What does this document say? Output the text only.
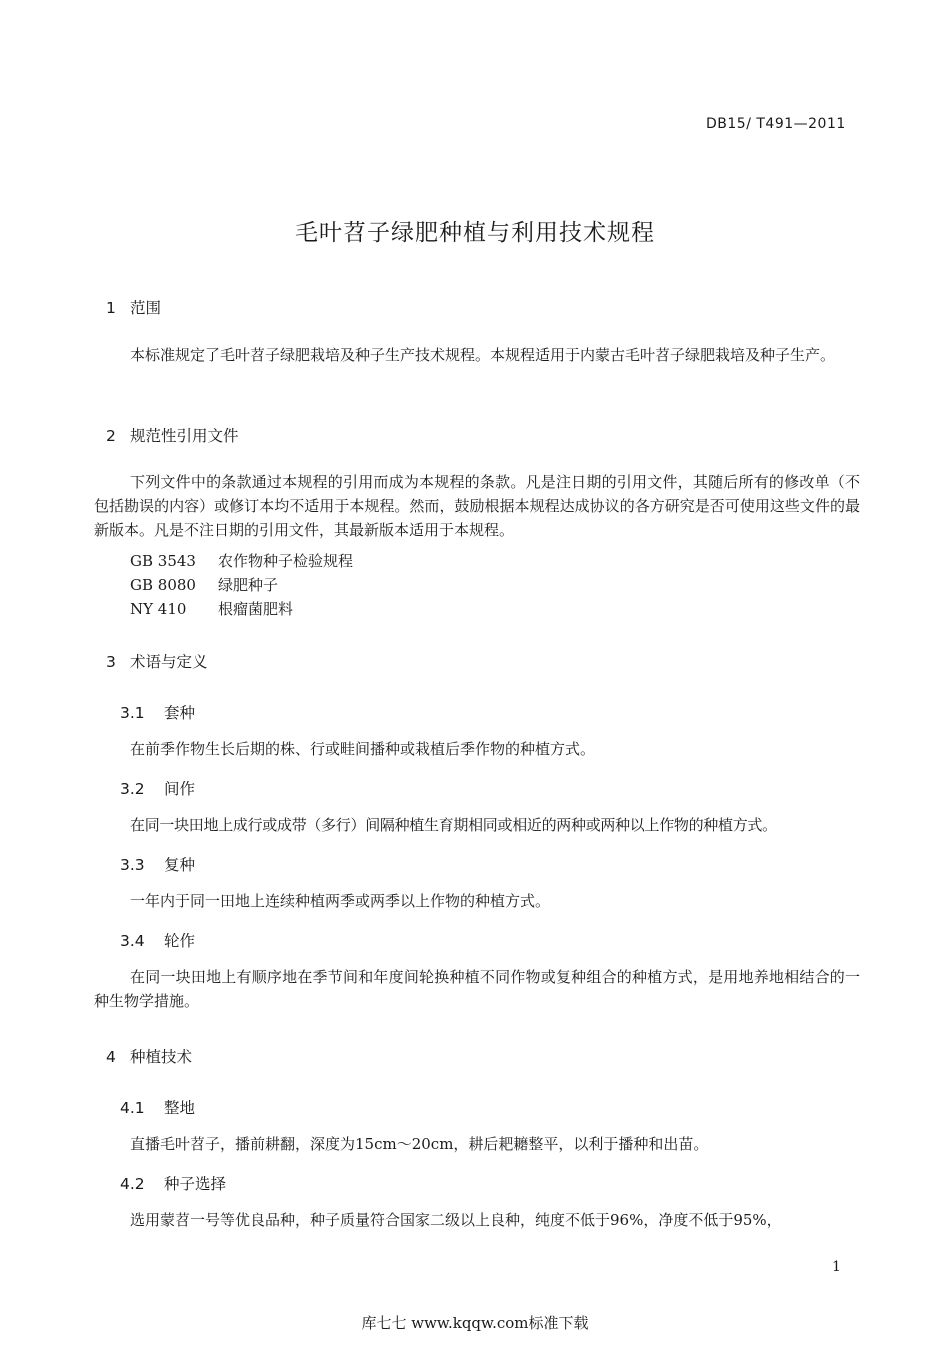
DB15/ T491—2011
毛叶苕子绿肥种植与利用技术规程
1 范围
本标准规定了毛叶苕子绿肥栽培及种子生产技术规程。本规程适用于内蒙古毛叶苕子绿肥栽培及种子生产。
2 规范性引用文件
下列文件中的条款通过本规程的引用而成为本规程的条款。凡是注日期的引用文件，其随后所有的修改单（不包括勘误的内容）或修订本均不适用于本规程。然而，鼓励根据本规程达成协议的各方研究是否可使用这些文件的最新版本。凡是不注日期的引用文件，其最新版本适用于本规程。
GB 3543 农作物种子检验规程
GB 8080 绿肥种子
NY 410 根瘤菌肥料
3 术语与定义
3.1 套种
在前季作物生长后期的株、行或畦间播种或栽植后季作物的种植方式。
3.2 间作
在同一块田地上成行或成带（多行）间隔种植生育期相同或相近的两种或两种以上作物的种植方式。
3.3 复种
一年内于同一田地上连续种植两季或两季以上作物的种植方式。
3.4 轮作
在同一块田地上有顺序地在季节间和年度间轮换种植不同作物或复种组合的种植方式，是用地养地相结合的一种生物学措施。
4 种植技术
4.1 整地
直播毛叶苕子，播前耕翻，深度为15cm～20cm，耕后耙耱整平，以利于播种和出苗。
4.2 种子选择
选用蒙苕一号等优良品种，种子质量符合国家二级以上良种，纯度不低于96%，净度不低于95%，
1
库七七 www.kqqw.com标准下载
